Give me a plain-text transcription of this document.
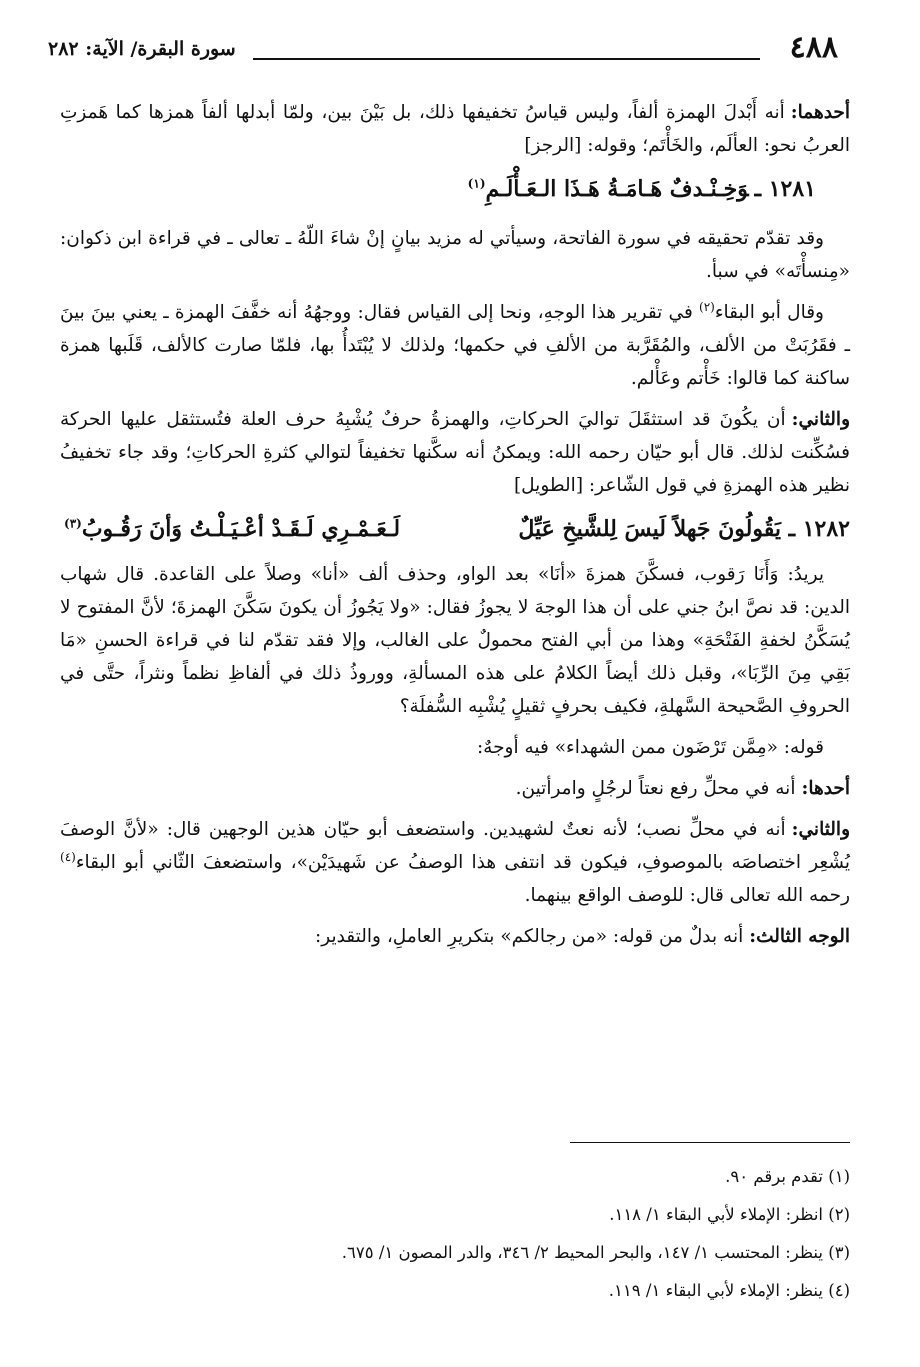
٤٨٨
سورة البقرة/ الآية: ٢٨٢

أحدهما:أنه أَبْدلَ الهمزة ألفاً، وليس قياسُ تخفيفها ذلك، بل بَيْنَ بين، ولمّا أبدلها ألفاً همزها كما هَمزتِ العربُ نحو: العألَم، والخَأْتَم؛ وقوله: [الرجز]

١٢٨١ ـوَخِـنْـدفٌ هَـامَـةُ هَـذَا الـعَـأْلَـمِ$^{(١)}$

وقد تقدّم تحقيقه في سورة الفاتحة، وسيأتي له مزيد بيانٍ إنْ شاءَ اللّهُ ـ تعالى ـ في قراءة ابن ذكوان: «مِنسأْتَه» في سبأ.

وقال أبو البقاء$^{(٢)}$ في تقرير هذا الوجهِ، ونحا إلى القياس فقال: ووجهُهُ أنه خفَّفَ الهمزة ـ يعني بينَ بينَ ـ فقَرُبَتْ من الألف، والمُقَرَّبة من الألفِ في حكمها؛ ولذلك لا يُبْتَدأُ بها، فلمّا صارت كالألف، قَلَبها همزة ساكنة كما قالوا: خَأْتم وعَأْلم.

والثاني:أن يكُونَ قد استثقَلَ تواليَ الحركاتِ، والهمزةُ حرفٌ يُشْبِهُ حرف العلة فتُستثقل عليها الحركة فسُكِّنت لذلك. قال أبو حيّان رحمه الله: ويمكنُ أنه سكَّنها تخفيفاً لتوالي كثرةِ الحركاتِ؛ وقد جاء تخفيفُ نظير هذه الهمزةِ في قول الشّاعر: [الطويل]

١٢٨٢ ـ يَقُولُونَ جَهلاً لَيسَ لِلشَّيخِ عَيِّلٌ
لَـعَـمْـرِي لَـقَـدْ أعْـيَـلْـتُ وَأنَ رَقُـوبُ$^{(٣)}$

يريدُ: وَأَنَا رَقوب، فسكَّنَ همزةَ «أنَا» بعد الواو، وحذف ألف «أنا» وصلاً على القاعدة. قال شهاب الدين: قد نصَّ ابنُ جني على أن هذا الوجهَ لا يجوزُ فقال: «ولا يَجُوزُ أن يكونَ سَكَّنَ الهمزةَ؛ لأنَّ المفتوح لا يُسَكَّنُ لخفةِ الفَتْحَةِ» وهذا من أبي الفتح محمولٌ على الغالب، وإلا فقد تقدّم لنا في قراءة الحسنِ «مَا بَقِي مِنَ الرِّبَا»، وقبل ذلك أيضاً الكلامُ على هذه المسألةِ، ووروذُ ذلك في ألفاظِ نظماً ونثراً، حتَّى في الحروفِ الصَّحيحة السَّهلةِ، فكيف بحرفٍ ثقيلٍ يُشْبِه السُّفلَة؟

قوله: «مِمَّن تَرْضَون ممن الشهداء» فيه أوجهٌ:

أحدها:أنه في محلِّ رفع نعتاً لرجُلٍ وامرأتين.

والثاني:أنه في محلِّ نصب؛ لأنه نعتٌ لشهيدين. واستضعف أبو حيّان هذين الوجهين قال: «لأنَّ الوصفَ يُشْعِر اختصاصَه بالموصوفِ، فيكون قد انتفى هذا الوصفُ عن شَهيدَيْن»، واستضعفَ الثّاني أبو البقاء$^{(٤)}$ رحمه الله تعالى قال: للوصف الواقع بينهما.

الوجه الثالث:أنه بدلٌ من قوله: «من رجالكم» بتكريرِ العاملِ، والتقدير:

(١) تقدم برقم ٩٠.

(٢) انظر: الإملاء لأبي البقاء ١/ ١١٨.

(٣) ينظر: المحتسب ١/ ١٤٧، والبحر المحيط ٢/ ٣٤٦، والدر المصون ١/ ٦٧٥.

(٤) ينظر: الإملاء لأبي البقاء ١/ ١١٩.
